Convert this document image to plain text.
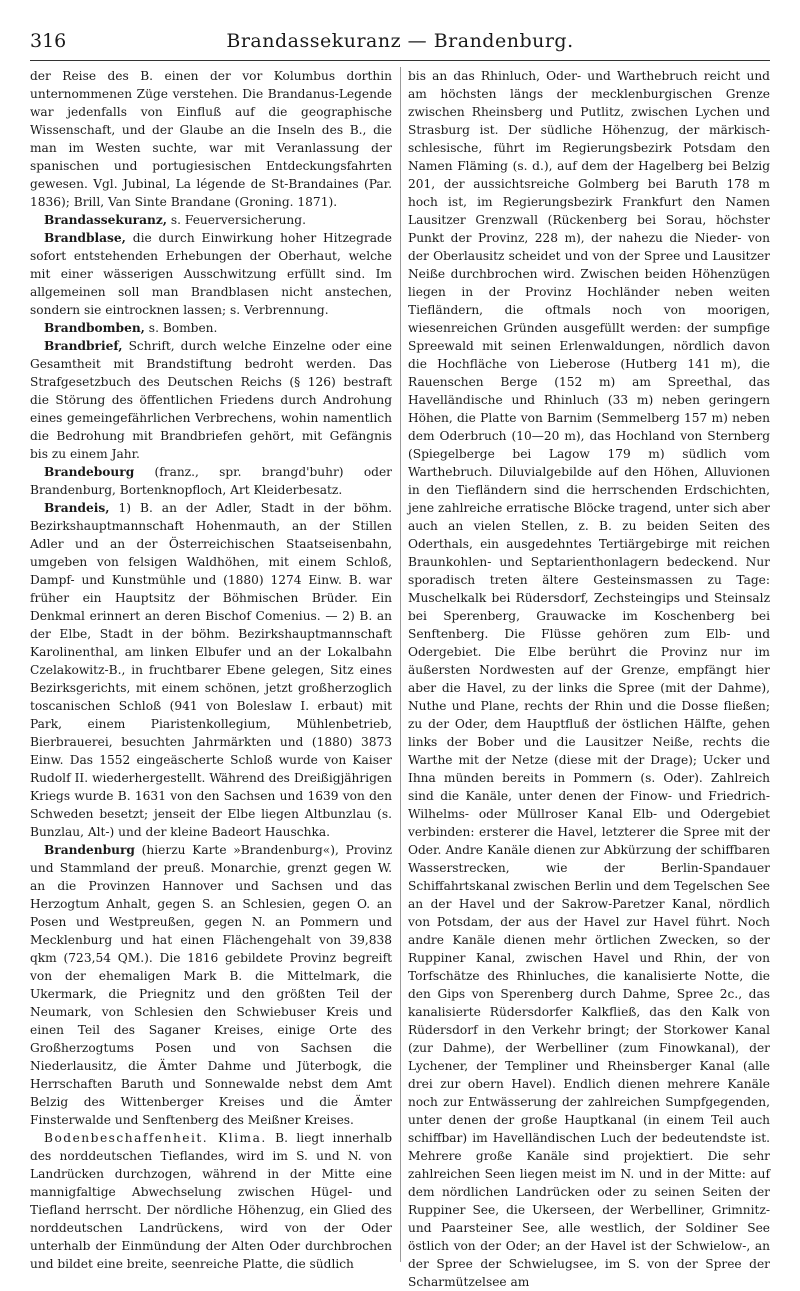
316	Brandassekuranz — Brandenburg.

der Reise des B. einen der vor Kolumbus dorthin unternommenen Züge verstehen. Die Brandanus-Legende war jedenfalls von Einfluß auf die geographische Wissenschaft, und der Glaube an die Inseln des B., die man im Westen suchte, war mit Veranlassung der spanischen und portugiesischen Entdeckungsfahrten gewesen. Vgl. Jubinal, La légende de St-Brandaines (Par. 1836); Brill, Van Sinte Brandane (Groning. 1871).

Brandassekuranz, s. Feuerversicherung.

Brandblase, die durch Einwirkung hoher Hitzegrade sofort entstehenden Erhebungen der Oberhaut, welche mit einer wässerigen Ausschwitzung erfüllt sind. Im allgemeinen soll man Brandblasen nicht anstechen, sondern sie eintrocknen lassen; s. Verbrennung.

Brandbomben, s. Bomben.

Brandbrief, Schrift, durch welche Einzelne oder eine Gesamtheit mit Brandstiftung bedroht werden. Das Strafgesetzbuch des Deutschen Reichs (§ 126) bestraft die Störung des öffentlichen Friedens durch Androhung eines gemeingefährlichen Verbrechens, wohin namentlich die Bedrohung mit Brandbriefen gehört, mit Gefängnis bis zu einem Jahr.

Brandebourg (franz., spr. brangd'buhr) oder Brandenburg, Bortenknopfloch, Art Kleiderbesatz.

Brandeis, 1) B. an der Adler, Stadt in der böhm. Bezirkshauptmannschaft Hohenmauth, an der Stillen Adler und an der Österreichischen Staatseisenbahn, umgeben von felsigen Waldhöhen, mit einem Schloß, Dampf- und Kunstmühle und (1880) 1274 Einw. B. war früher ein Hauptsitz der Böhmischen Brüder. Ein Denkmal erinnert an deren Bischof Comenius. — 2) B. an der Elbe, Stadt in der böhm. Bezirkshauptmannschaft Karolinenthal, am linken Elbufer und an der Lokalbahn Czelakowitz-B., in fruchtbarer Ebene gelegen, Sitz eines Bezirksgerichts, mit einem schönen, jetzt großherzoglich toscanischen Schloß (941 von Boleslaw I. erbaut) mit Park, einem Piaristenkollegium, Mühlenbetrieb, Bierbrauerei, besuchten Jahrmärkten und (1880) 3873 Einw. Das 1552 eingeäscherte Schloß wurde von Kaiser Rudolf II. wiederhergestellt. Während des Dreißigjährigen Kriegs wurde B. 1631 von den Sachsen und 1639 von den Schweden besetzt; jenseit der Elbe liegen Altbunzlau (s. Bunzlau, Alt-) und der kleine Badeort Hauschka.

Brandenburg (hierzu Karte »Brandenburg«), Provinz und Stammland der preuß. Monarchie, grenzt gegen W. an die Provinzen Hannover und Sachsen und das Herzogtum Anhalt, gegen S. an Schlesien, gegen O. an Posen und Westpreußen, gegen N. an Pommern und Mecklenburg und hat einen Flächengehalt von 39,838 qkm (723,54 QM.). Die 1816 gebildete Provinz begreift von der ehemaligen Mark B. die Mittelmark, die Ukermark, die Priegnitz und den größten Teil der Neumark, von Schlesien den Schwiebuser Kreis und einen Teil des Saganer Kreises, einige Orte des Großherzogtums Posen und von Sachsen die Niederlausitz, die Ämter Dahme und Jüterbogk, die Herrschaften Baruth und Sonnewalde nebst dem Amt Belzig des Wittenberger Kreises und die Ämter Finsterwalde und Senftenberg des Meißner Kreises.

Bodenbeschaffenheit. Klima. B. liegt innerhalb des norddeutschen Tieflandes, wird im S. und N. von Landrücken durchzogen, während in der Mitte eine mannigfaltige Abwechselung zwischen Hügel- und Tiefland herrscht. Der nördliche Höhenzug, ein Glied des norddeutschen Landrückens, wird von der Oder unterhalb der Einmündung der Alten Oder durchbrochen und bildet eine breite, seenreiche Platte, die südlich

bis an das Rhinluch, Oder- und Warthebruch reicht und am höchsten längs der mecklenburgischen Grenze zwischen Rheinsberg und Putlitz, zwischen Lychen und Strasburg ist. Der südliche Höhenzug, der märkisch-schlesische, führt im Regierungsbezirk Potsdam den Namen Fläming (s. d.), auf dem der Hagelberg bei Belzig 201, der aussichtsreiche Golmberg bei Baruth 178 m hoch ist, im Regierungsbezirk Frankfurt den Namen Lausitzer Grenzwall (Rückenberg bei Sorau, höchster Punkt der Provinz, 228 m), der nahezu die Nieder- von der Oberlausitz scheidet und von der Spree und Lausitzer Neiße durchbrochen wird. Zwischen beiden Höhenzügen liegen in der Provinz Hochländer neben weiten Tiefländern, die oftmals noch von moorigen, wiesenreichen Gründen ausgefüllt werden: der sumpfige Spreewald mit seinen Erlenwaldungen, nördlich davon die Hochfläche von Lieberose (Hutberg 141 m), die Rauenschen Berge (152 m) am Spreethal, das Havelländische und Rhinluch (33 m) neben geringern Höhen, die Platte von Barnim (Semmelberg 157 m) neben dem Oderbruch (10—20 m), das Hochland von Sternberg (Spiegelberge bei Lagow 179 m) südlich vom Warthebruch. Diluvialgebilde auf den Höhen, Alluvionen in den Tiefländern sind die herrschenden Erdschichten, jene zahlreiche erratische Blöcke tragend, unter sich aber auch an vielen Stellen, z. B. zu beiden Seiten des Oderthals, ein ausgedehntes Tertiärgebirge mit reichen Braunkohlen- und Septarienthonlagern bedeckend. Nur sporadisch treten ältere Gesteinsmassen zu Tage: Muschelkalk bei Rüdersdorf, Zechsteingips und Steinsalz bei Sperenberg, Grauwacke im Koschenberg bei Senftenberg. Die Flüsse gehören zum Elb- und Odergebiet. Die Elbe berührt die Provinz nur im äußersten Nordwesten auf der Grenze, empfängt hier aber die Havel, zu der links die Spree (mit der Dahme), Nuthe und Plane, rechts der Rhin und die Dosse fließen; zu der Oder, dem Hauptfluß der östlichen Hälfte, gehen links der Bober und die Lausitzer Neiße, rechts die Warthe mit der Netze (diese mit der Drage); Ucker und Ihna münden bereits in Pommern (s. Oder). Zahlreich sind die Kanäle, unter denen der Finow- und Friedrich-Wilhelms- oder Müllroser Kanal Elb- und Odergebiet verbinden: ersterer die Havel, letzterer die Spree mit der Oder. Andre Kanäle dienen zur Abkürzung der schiffbaren Wasserstrecken, wie der Berlin-Spandauer Schiffahrtskanal zwischen Berlin und dem Tegelschen See an der Havel und der Sakrow-Paretzer Kanal, nördlich von Potsdam, der aus der Havel zur Havel führt. Noch andre Kanäle dienen mehr örtlichen Zwecken, so der Ruppiner Kanal, zwischen Havel und Rhin, der von Torfschätze des Rhinluches, die kanalisierte Notte, die den Gips von Sperenberg durch Dahme, Spree 2c., das kanalisierte Rüdersdorfer Kalkfließ, das den Kalk von Rüdersdorf in den Verkehr bringt; der Storkower Kanal (zur Dahme), der Werbelliner (zum Finowkanal), der Lychener, der Templiner und Rheinsberger Kanal (alle drei zur obern Havel). Endlich dienen mehrere Kanäle noch zur Entwässerung der zahlreichen Sumpfgegenden, unter denen der große Hauptkanal (in einem Teil auch schiffbar) im Havelländischen Luch der bedeutendste ist. Mehrere große Kanäle sind projektiert. Die sehr zahlreichen Seen liegen meist im N. und in der Mitte: auf dem nördlichen Landrücken oder zu seinen Seiten der Ruppiner See, die Ukerseen, der Werbelliner, Grimnitz- und Paarsteiner See, alle westlich, der Soldiner See östlich von der Oder; an der Havel ist der Schwielow-, an der Spree der Schwielugsee, im S. von der Spree der Scharmützelsee am
